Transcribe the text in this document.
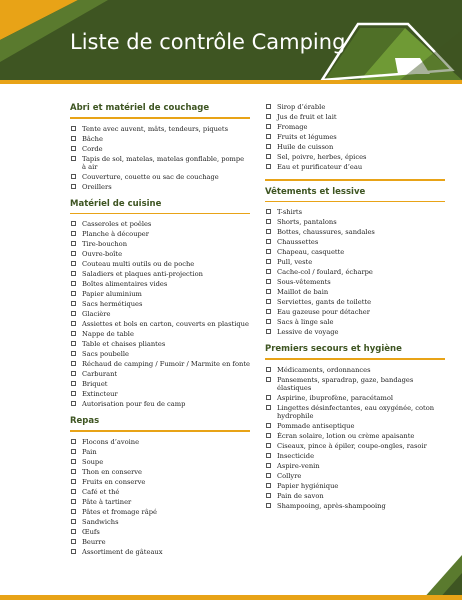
Liste de contrôle Camping
Abri et matériel de couchage
Tente avec auvent, mâts, tendeurs, piquets
Bâche
Corde
Tapis de sol, matelas, matelas gonflable, pompe à air
Couverture, couette ou sac de couchage
Oreillers
Matériel de cuisine
Casseroles et poêles
Planche à découper
Tire-bouchon
Ouvre-boîte
Couteau multi outils ou de poche
Saladiers et plaques anti-projection
Boîtes alimentaires vides
Papier aluminium
Sacs hermétiques
Glacière
Assiettes et bols en carton, couverts en plastique
Nappe de table
Table et chaises pliantes
Sacs poubelle
Réchaud de camping / Fumoir / Marmite en fonte
Carburant
Briquet
Extincteur
Autorisation pour feu de camp
Repas
Flocons d’avoine
Pain
Soupe
Thon en conserve
Fruits en conserve
Café et thé
Pâte à tartiner
Pâtes et fromage râpé
Sandwichs
Œufs
Beurre
Assortiment de gâteaux
Sirop d’érable
Jus de fruit et lait
Fromage
Fruits et légumes
Huile de cuisson
Sel, poivre, herbes, épices
Eau et purificateur d’eau
Vêtements et lessive
T-shirts
Shorts, pantalons
Bottes, chaussures, sandales
Chaussettes
Chapeau, casquette
Pull, veste
Cache-col / foulard, écharpe
Sous-vêtements
Maillot de bain
Serviettes, gants de toilette
Eau gazeuse pour détacher
Sacs à linge sale
Lessive de voyage
Premiers secours et hygiène
Médicaments, ordonnances
Pansements, sparadrap, gaze, bandages élastiques
Aspirine, ibuprofène, paracétamol
Lingettes désinfectantes, eau oxygénée, coton hydrophile
Pommade antiseptique
Écran solaire, lotion ou crème apaisante
Ciseaux, pince à épiler, coupe-ongles, rasoir
Insecticide
Aspire-venin
Collyre
Papier hygiénique
Pain de savon
Shampooing, après-shampooing
